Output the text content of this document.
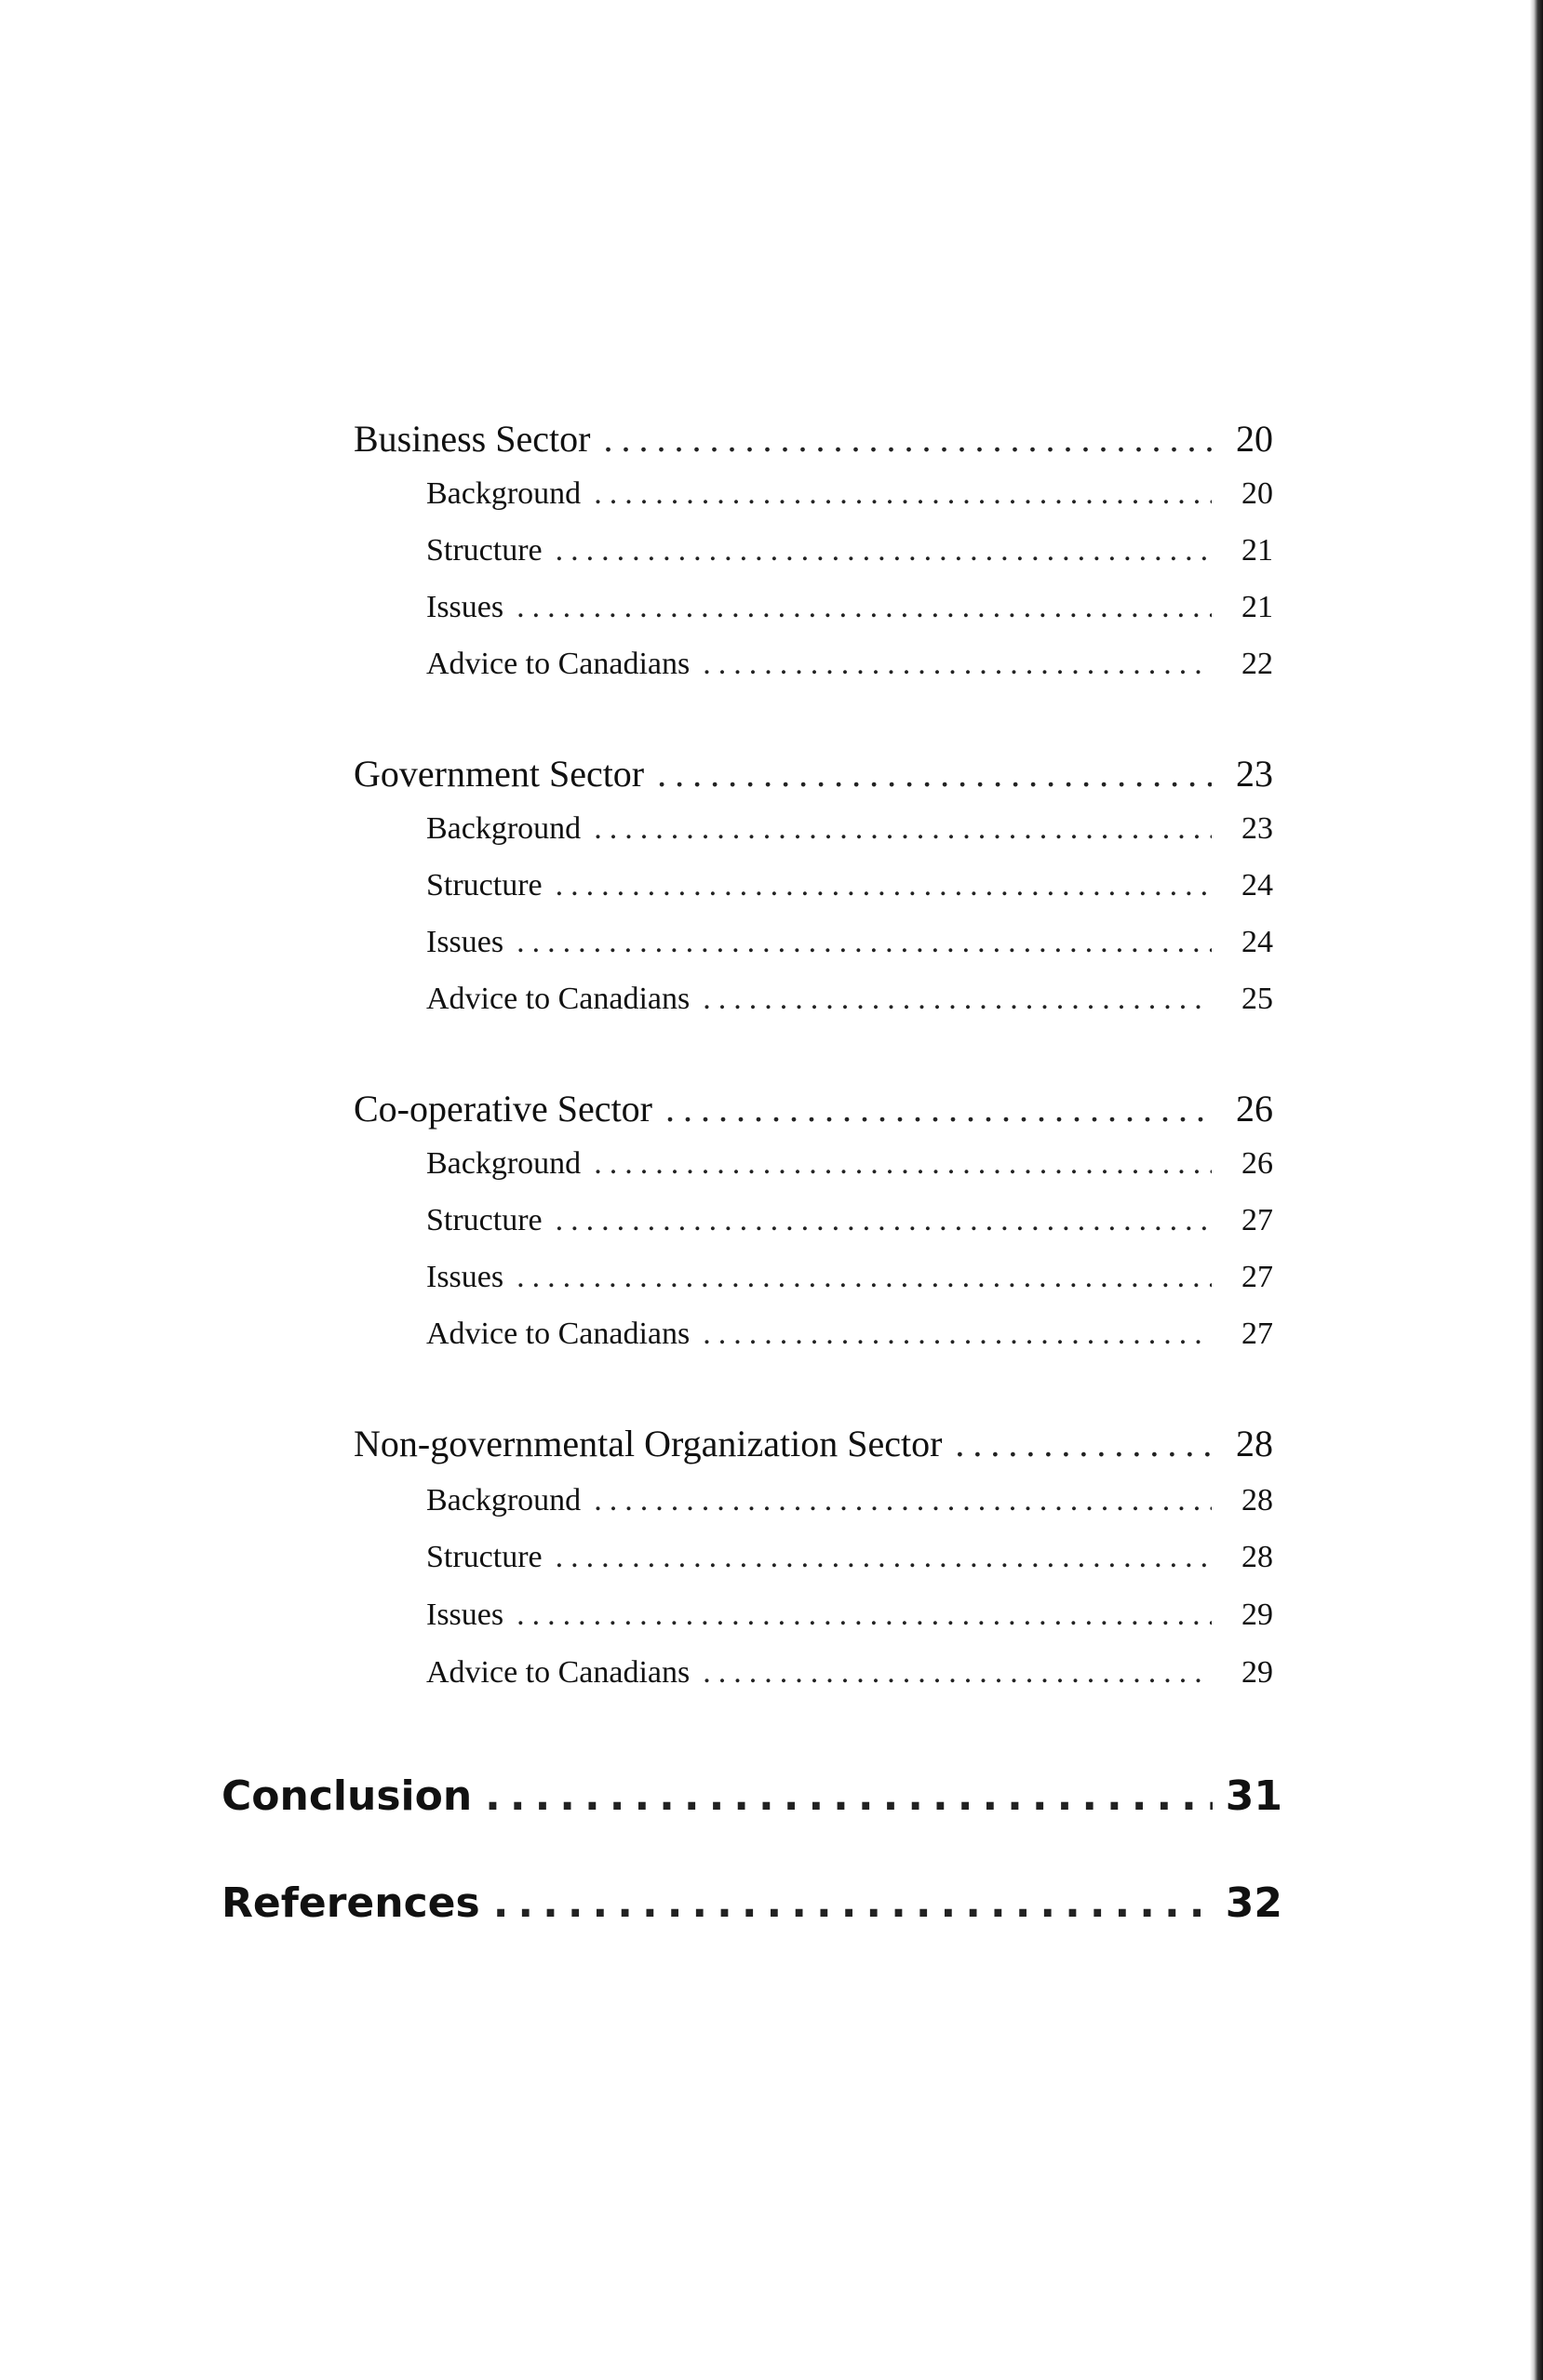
Business Sector .....	20
Background .....	20
Structure .....	21
Issues .....	21
Advice to Canadians .....	22
Government Sector .....	23
Background .....	23
Structure .....	24
Issues .....	24
Advice to Canadians .....	25
Co-operative Sector .....	26
Background .....	26
Structure .....	27
Issues .....	27
Advice to Canadians .....	27
Non-governmental Organization Sector .....	28
Background .....	28
Structure .....	28
Issues .....	29
Advice to Canadians .....	29
Conclusion .....	31
References .....	32
